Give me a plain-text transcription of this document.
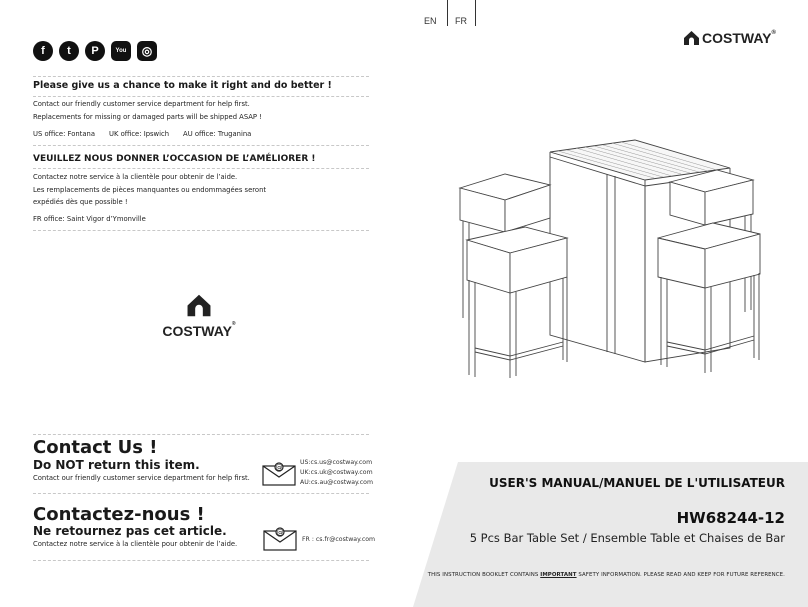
f	t	P	You	◎
EN FR
COSTWAY ®
Please give us a chance to make it right and do better !
Contact our friendly customer service department for help first.
Replacements for missing or damaged parts will be shipped ASAP !
US office: Fontana UK office: Ipswich AU office: Truganina
VEUILLEZ NOUS DONNER L’OCCASION DE L’AMÉLIORER !
Contactez notre service à la clientèle pour obtenir de l’aide.
Les remplacements de pièces manquantes ou endommagées seront
expédiés dès que possible !
FR office: Saint Vigor d’Ymonville
COSTWAY®
Contact Us !
Do NOT return this item.
Contact our friendly customer service department for help first.
@
US:cs.us@costway.com
UK:cs.uk@costway.com
AU:cs.au@costway.com
Contactez-nous !
Ne retournez pas cet article.
Contactez notre service à la clientèle pour obtenir de l’aide.
@
FR : cs.fr@costway.com
USER'S MANUAL/MANUEL DE L'UTILISATEUR
HW68244-12
5 Pcs Bar Table Set / Ensemble Table et Chaises de Bar
THIS INSTRUCTION BOOKLET CONTAINS IMPORTANT SAFETY INFORMATION. PLEASE READ AND KEEP FOR FUTURE REFERENCE.
